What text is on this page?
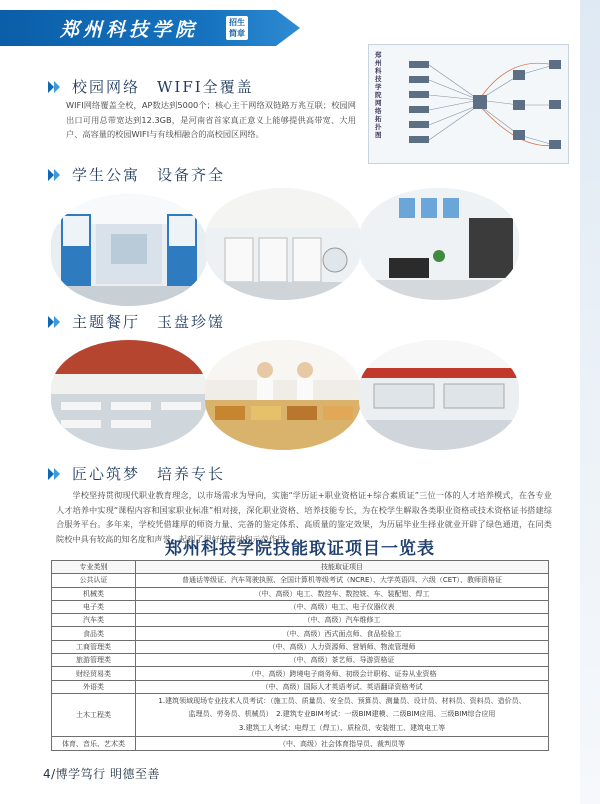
郑州科技学院	招生简章
校园网络　WIFI全覆盖
WIFI网络覆盖全校，AP数达到5000个；核心主干网络双链路万兆互联；校园网出口可用总带宽达到12.3GB，是河南省首家真正意义上能够提供高带宽、大用户、高容量的校园WIFI与有线相融合的高校园区网络。
郑州科技学院网络拓扑图
学生公寓　设备齐全
主题餐厅　玉盘珍馐
匠心筑梦　培养专长
学校坚持贯彻现代职业教育理念，以市场需求为导向，实施“学历证+职业资格证+综合素质证”三位一体的人才培养模式，在各专业人才培养中实现“课程内容和国家职业标准”相对接，深化职业资格、培养技能专长，为在校学生解取各类职业资格或技术资格证书搭建综合服务平台。多年来，学校凭借雄厚的师资力量、完备的鉴定体系、高质量的鉴定效果，为历届毕业生择业就业开辟了绿色通道，在同类院校中具有较高的知名度和声誉，起到了很好的带动和示范作用。
郑州科技学院技能取证项目一览表
专业类别	技能取证项目
公共认证	普通话等级证、汽车驾驶执照、全国计算机等级考试（NCRE）、大学英语四、六级（CET）、教师资格证

机械类	（中、高级）电工、数控车、数控铣、车、装配钳、焊工

电子类	（中、高级）电工、电子仪器仪表

汽车类	（中、高级）汽车维修工

食品类	（中、高级）西式面点师、食品检验工

工商管理类	（中、高级）人力资源师、营销师、物流管理师

旅游管理类	（中、高级）茶艺师、导游资格证

财经贸易类	（中、高级）跨境电子商务师、初级会计职称、证券从业资格

外语类	（中、高级）国际人才英语考试、英语翻译资格考试

土木工程类	1.建筑领域现场专业技术人员考试：（施工员、质量员、安全员、预算员、测量员、设计员、材料员、资料员、造价员、
监理员、劳务员、机械员）　2.建筑专业BIM考试：一级BIM建模、二级BIM应用、三级BIM综合应用
3.建筑工人考试：电焊工（焊工）、质检员、安装钳工、建筑电工等

体育、音乐、艺术类	（中、高级）社会体育指导员、裁判员等
4/博学笃行 明德至善
